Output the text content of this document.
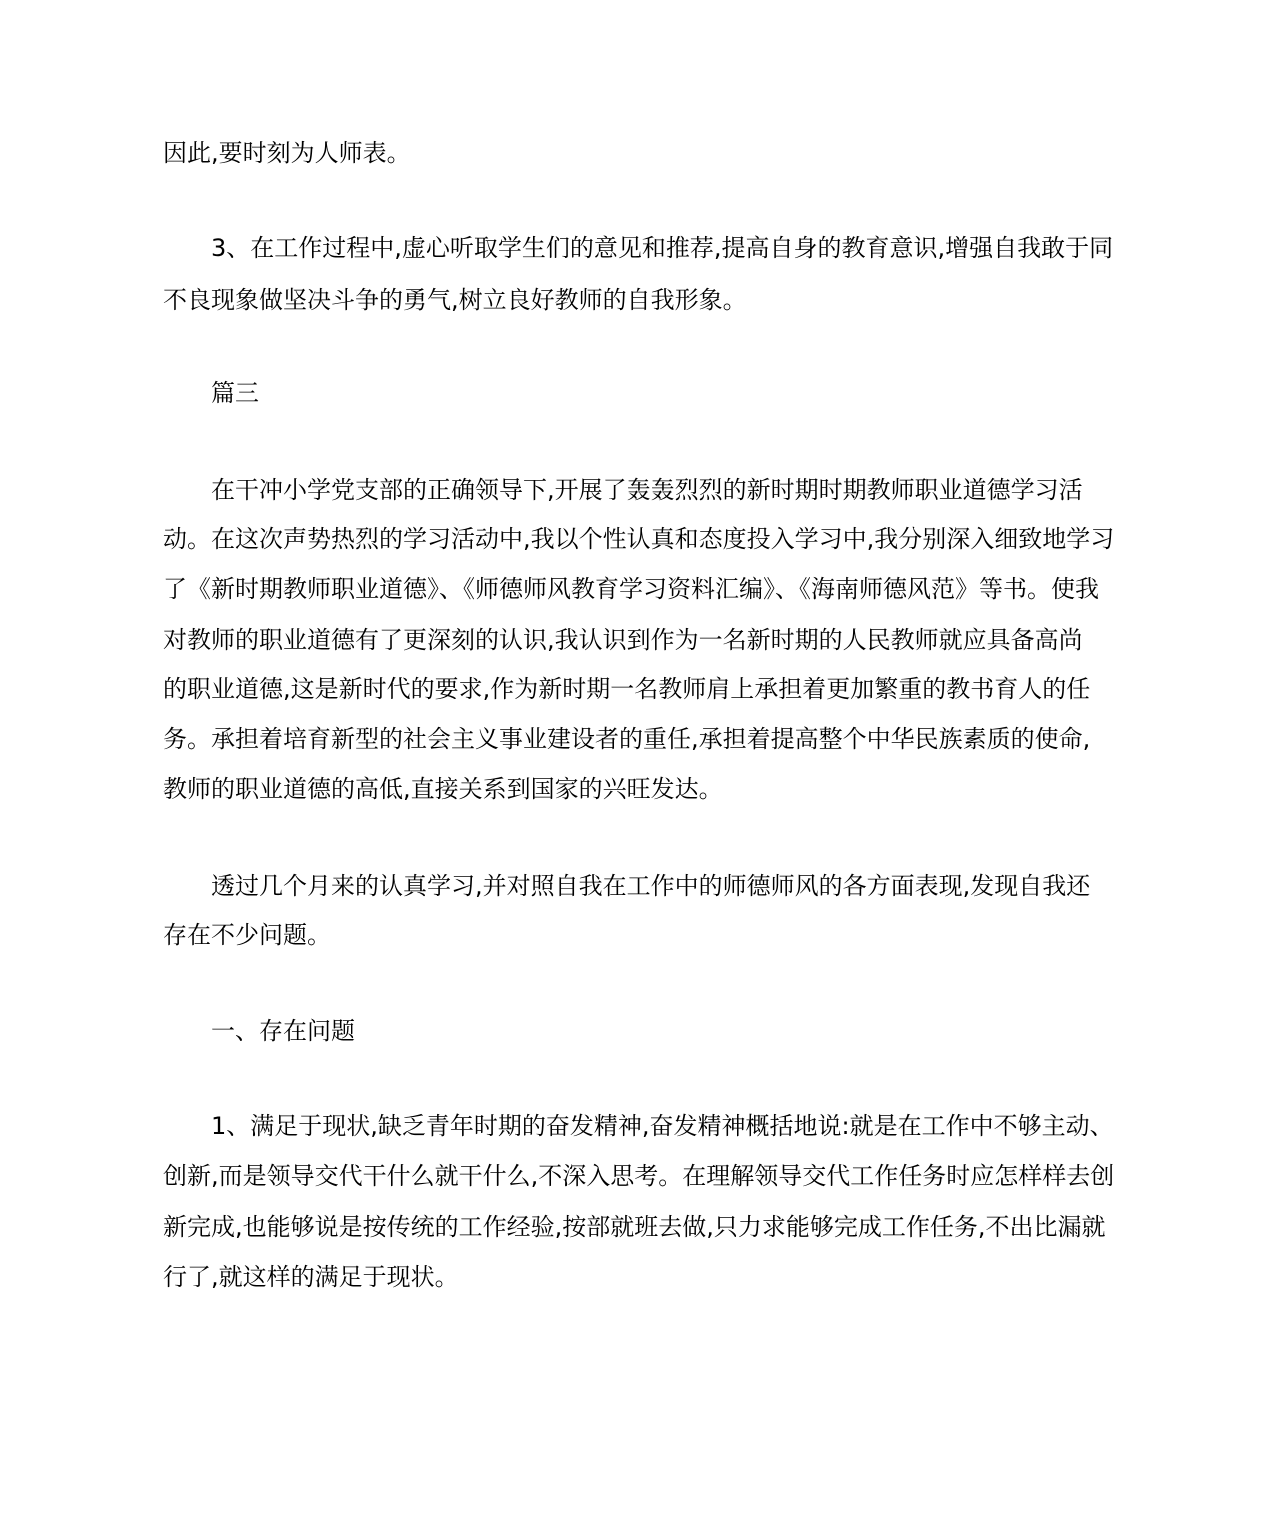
因此,要时刻为人师表。
3、在工作过程中,虚心听取学生们的意见和推荐,提高自身的教育意识,增强自我敢于同
不良现象做坚决斗争的勇气,树立良好教师的自我形象。
篇三
在干冲小学党支部的正确领导下,开展了轰轰烈烈的新时期时期教师职业道德学习活
动。在这次声势热烈的学习活动中,我以个性认真和态度投入学习中,我分别深入细致地学习
了《新时期教师职业道德》、《师德师风教育学习资料汇编》、《海南师德风范》等书。使我
对教师的职业道德有了更深刻的认识,我认识到作为一名新时期的人民教师就应具备高尚
的职业道德,这是新时代的要求,作为新时期一名教师肩上承担着更加繁重的教书育人的任
务。承担着培育新型的社会主义事业建设者的重任,承担着提高整个中华民族素质的使命,
教师的职业道德的高低,直接关系到国家的兴旺发达。
透过几个月来的认真学习,并对照自我在工作中的师德师风的各方面表现,发现自我还
存在不少问题。
一、存在问题
1、满足于现状,缺乏青年时期的奋发精神,奋发精神概括地说:就是在工作中不够主动、
创新,而是领导交代干什么就干什么,不深入思考。在理解领导交代工作任务时应怎样样去创
新完成,也能够说是按传统的工作经验,按部就班去做,只力求能够完成工作任务,不出比漏就
行了,就这样的满足于现状。
